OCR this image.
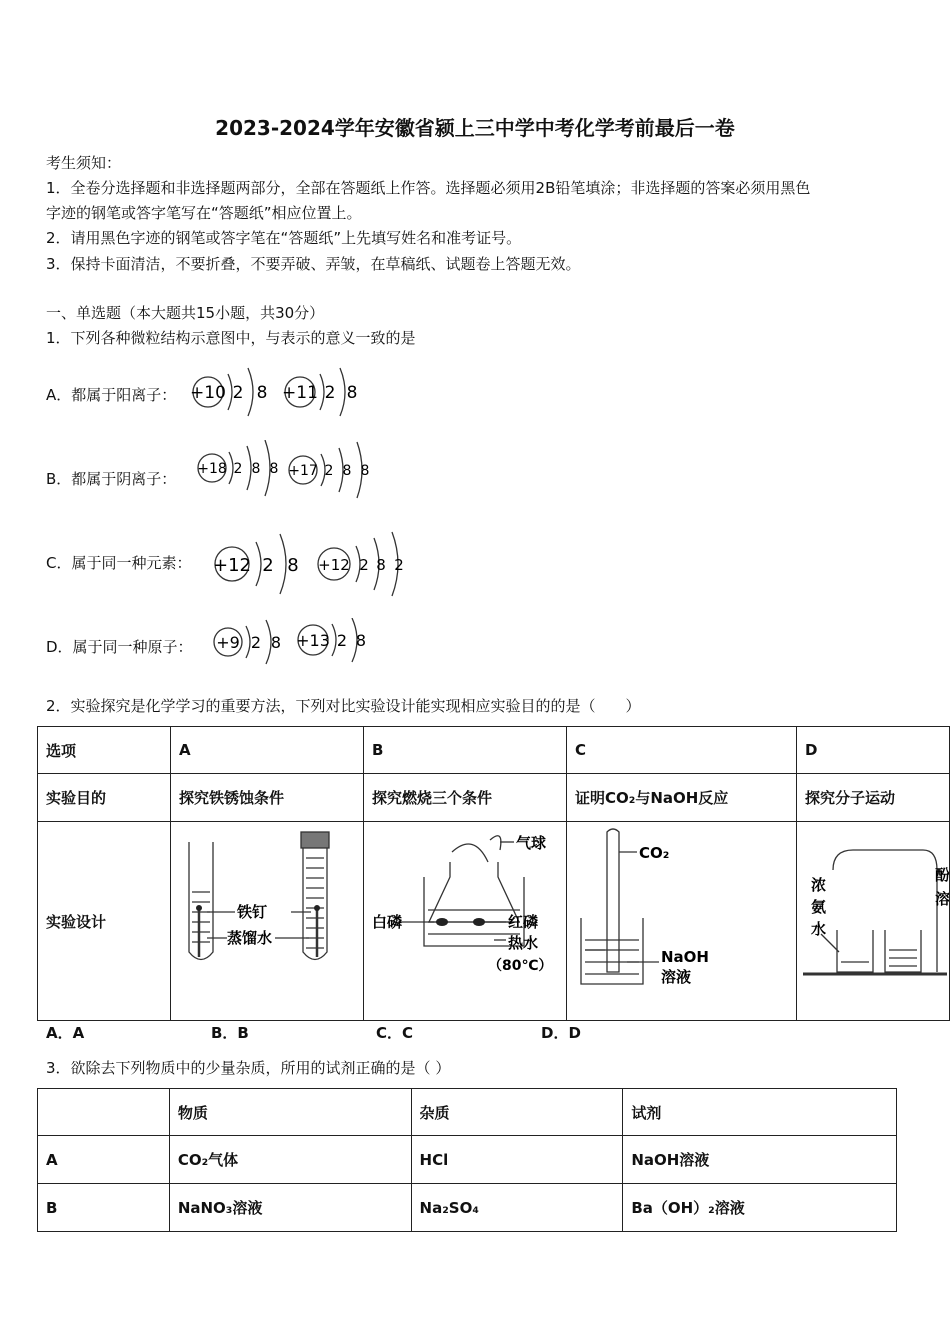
2023-2024学年安徽省颍上三中学中考化学考前最后一卷
考生须知：
1．全卷分选择题和非选择题两部分，全部在答题纸上作答。选择题必须用2B铅笔填涂；非选择题的答案必须用黑色
字迹的钢笔或答字笔写在“答题纸”相应位置上。
2．请用黑色字迹的钢笔或答字笔在“答题纸”上先填写姓名和准考证号。
3．保持卡面清洁，不要折叠，不要弄破、弄皱，在草稿纸、试题卷上答题无效。
一、单选题（本大题共15小题，共30分）
1．下列各种微粒结构示意图中，与表示的意义一致的是
A．都属于阳离子：
B．都属于阴离子：
C．属于同一种元素：
D．属于同一种原子：
+10 2 8 +11 2 8
+18 2 8 8 +17 2 8 8
+12 2 8 +12 2 8 2
+9 2 8 +13 2 8
2．实验探究是化学学习的重要方法，下列对比实验设计能实现相应实验目的的是（　　）
选项	A	B	C	D
实验目的	探究铁锈蚀条件	探究燃烧三个条件	证明CO₂与NaOH反应	探究分子运动
实验设计	铁钉
蒸馏水	气球
白磷 红磷
热水
（80℃）	CO₂
NaOH
溶液	浓
氨
水
酚
溶
A．A	B．B	C．C	D．D
3．欲除去下列物质中的少量杂质，所用的试剂正确的是（ ）
	物质	杂质	试剂
A	CO₂气体	HCl	NaOH溶液
B	NaNO₃溶液	Na₂SO₄	Ba（OH）₂溶液
